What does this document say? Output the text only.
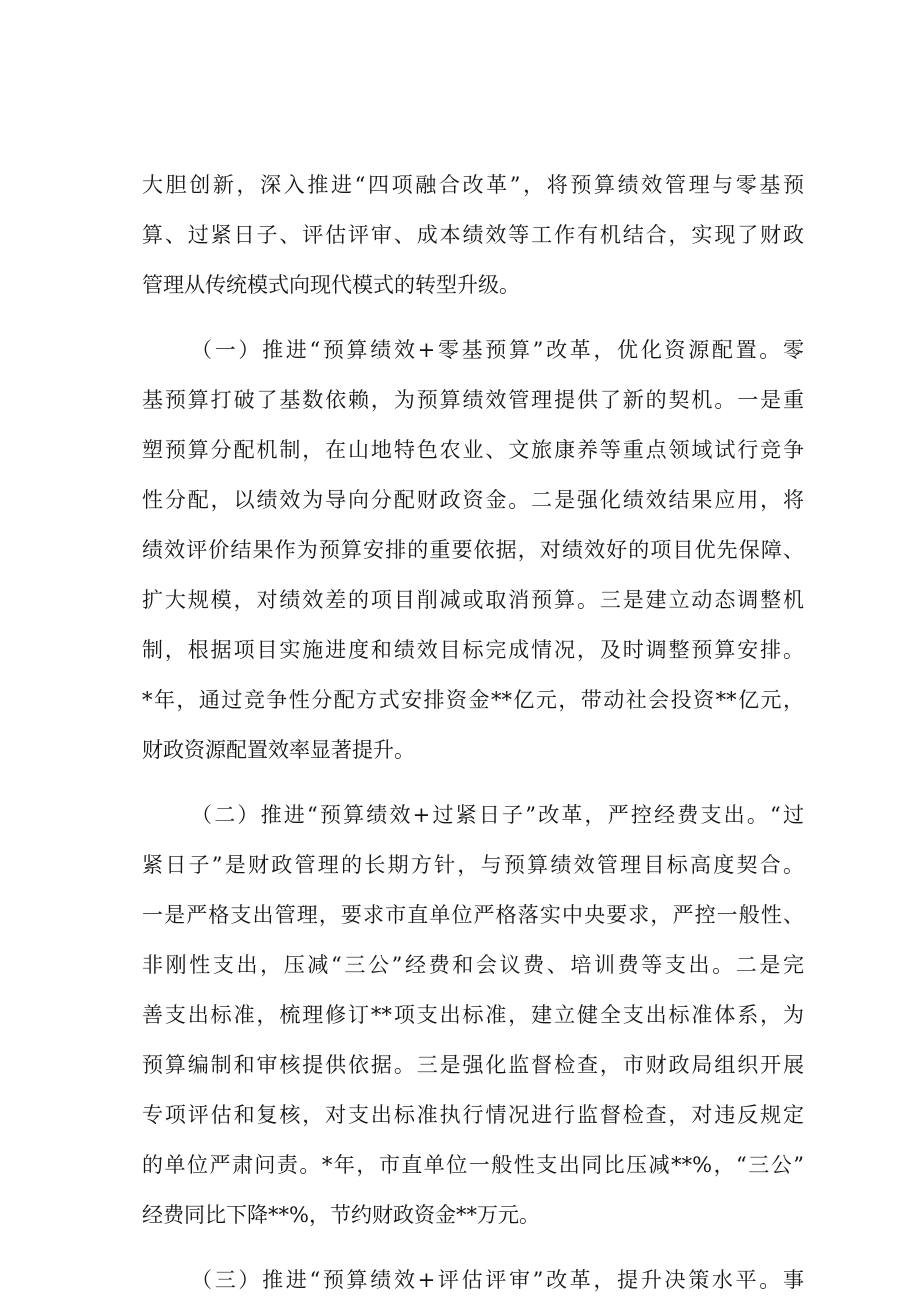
大胆创新，深入推进“四项融合改革”，将预算绩效管理与零基预

算、过紧日子、评估评审、成本绩效等工作有机结合，实现了财政

管理从传统模式向现代模式的转型升级。

（一）推进“预算绩效+零基预算”改革，优化资源配置。零

基预算打破了基数依赖，为预算绩效管理提供了新的契机。一是重

塑预算分配机制，在山地特色农业、文旅康养等重点领域试行竞争

性分配，以绩效为导向分配财政资金。二是强化绩效结果应用，将

绩效评价结果作为预算安排的重要依据，对绩效好的项目优先保障、

扩大规模，对绩效差的项目削减或取消预算。三是建立动态调整机

制，根据项目实施进度和绩效目标完成情况，及时调整预算安排。

*年，通过竞争性分配方式安排资金**亿元，带动社会投资**亿元，

财政资源配置效率显著提升。

（二）推进“预算绩效+过紧日子”改革，严控经费支出。“过

紧日子”是财政管理的长期方针，与预算绩效管理目标高度契合。

一是严格支出管理，要求市直单位严格落实中央要求，严控一般性、

非刚性支出，压减“三公”经费和会议费、培训费等支出。二是完

善支出标准，梳理修订**项支出标准，建立健全支出标准体系，为

预算编制和审核提供依据。三是强化监督检查，市财政局组织开展

专项评估和复核，对支出标准执行情况进行监督检查，对违反规定

的单位严肃问责。*年，市直单位一般性支出同比压减**%，“三公”

经费同比下降**%，节约财政资金**万元。

（三）推进“预算绩效+评估评审”改革，提升决策水平。事
